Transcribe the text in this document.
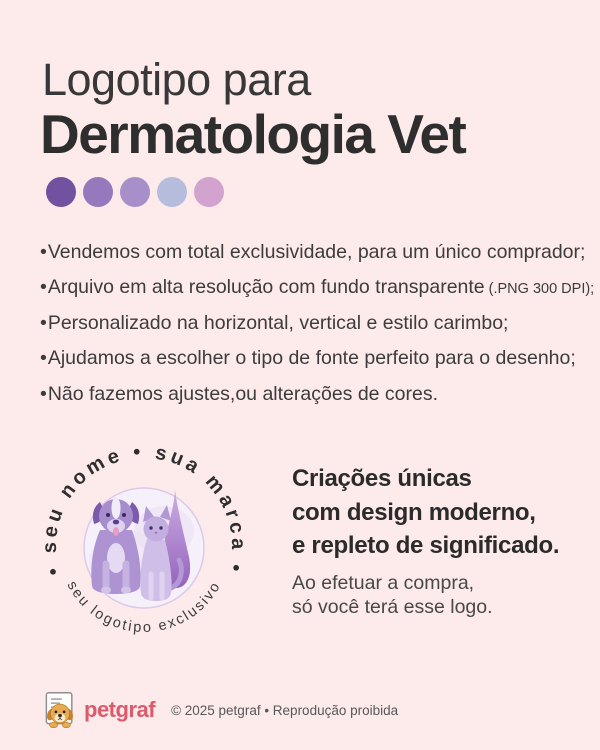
Logotipo para
Dermatologia Vet
•Vendemos com total exclusividade, para um único comprador;
•Arquivo em alta resolução com fundo transparente (.PNG 300 DPI);
•Personalizado na horizontal, vertical e estilo carimbo;
•Ajudamos a escolher o tipo de fonte perfeito para o desenho;
•Não fazemos ajustes,ou alterações de cores.
• seu nome • sua marca •
seu logotipo exclusivo
Criações únicas
com design moderno,
e repleto de significado.
Ao efetuar a compra,
só você terá esse logo.
petgraf © 2025 petgraf • Reprodução proibida
